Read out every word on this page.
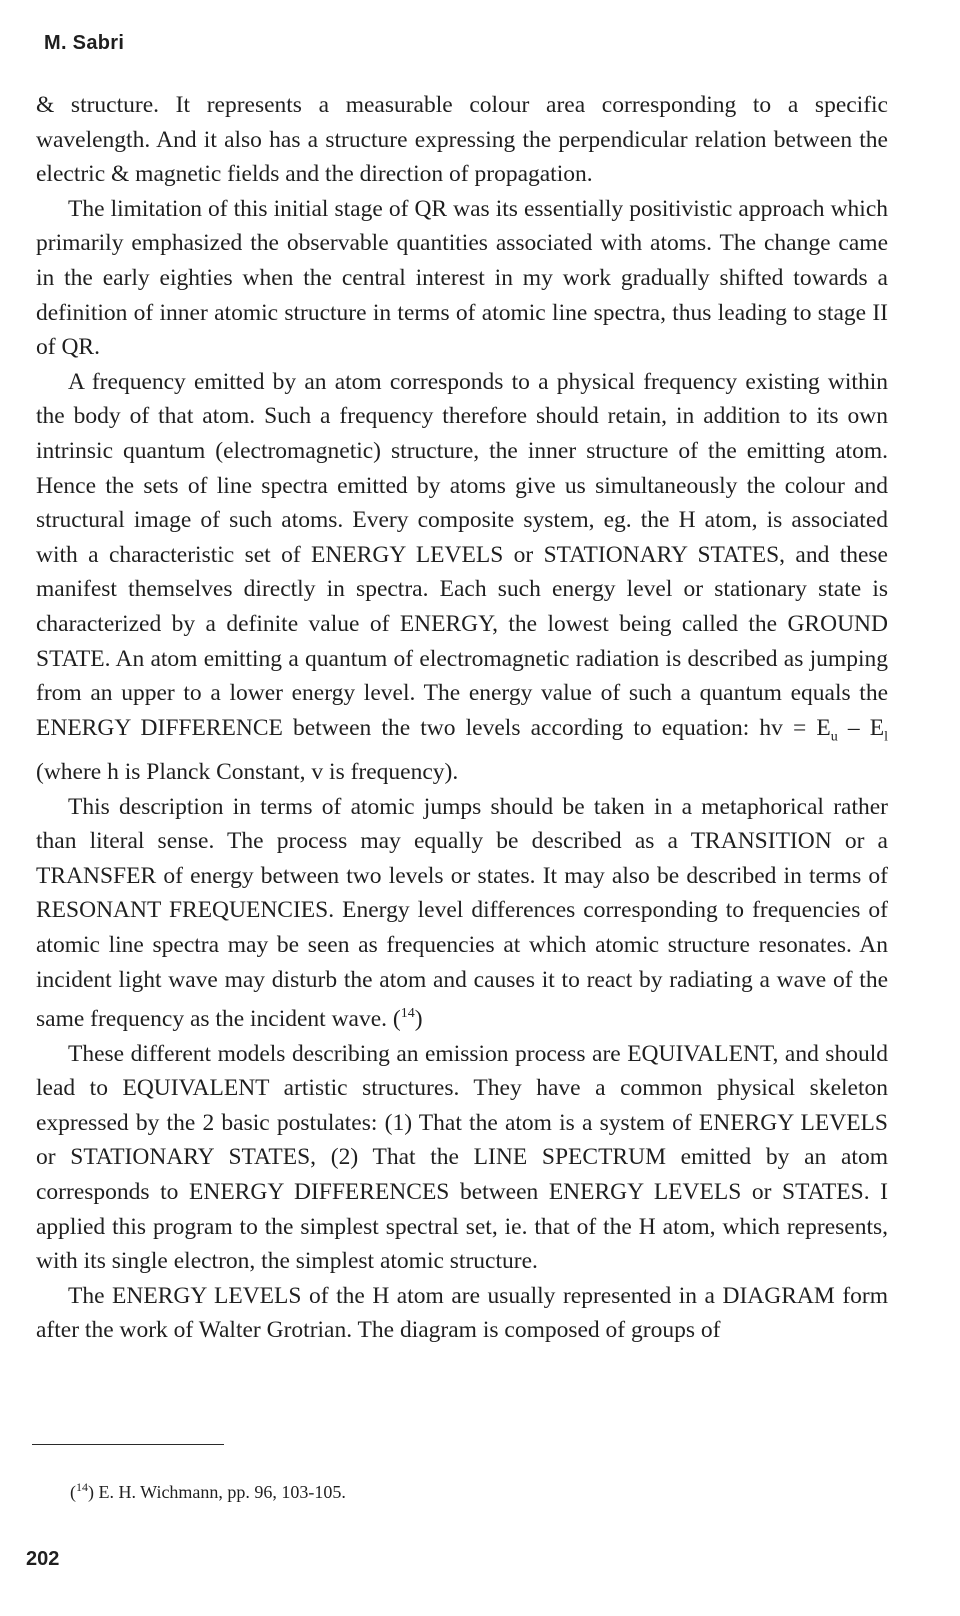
M. Sabri

& structure. It represents a measurable colour area corresponding to a specific wavelength. And it also has a structure expressing the perpendicular relation between the electric & magnetic fields and the direction of propagation.

The limitation of this initial stage of QR was its essentially positivistic approach which primarily emphasized the observable quantities associated with atoms. The change came in the early eighties when the central interest in my work gradually shifted towards a definition of inner atomic structure in terms of atomic line spectra, thus leading to stage II of QR.

A frequency emitted by an atom corresponds to a physical frequency existing within the body of that atom. Such a frequency therefore should retain, in addition to its own intrinsic quantum (electromagnetic) structure, the inner structure of the emitting atom. Hence the sets of line spectra emitted by atoms give us simultaneously the colour and structural image of such atoms. Every composite system, eg. the H atom, is associated with a characteristic set of ENERGY LEVELS or STATIONARY STATES, and these manifest themselves directly in spectra. Each such energy level or stationary state is characterized by a definite value of ENERGY, the lowest being called the GROUND STATE. An atom emitting a quantum of electromagnetic radiation is described as jumping from an upper to a lower energy level. The energy value of such a quantum equals the ENERGY DIFFERENCE between the two levels according to equation: hv = $E_u - E_l$ (where h is Planck Constant, v is frequency).

This description in terms of atomic jumps should be taken in a metaphorical rather than literal sense. The process may equally be described as a TRANSITION or a TRANSFER of energy between two levels or states. It may also be described in terms of RESONANT FREQUENCIES. Energy level differences corresponding to frequencies of atomic line spectra may be seen as frequencies at which atomic structure resonates. An incident light wave may disturb the atom and causes it to react by radiating a wave of the same frequency as the incident wave. ($^{14}$)

These different models describing an emission process are EQUIVALENT, and should lead to EQUIVALENT artistic structures. They have a common physical skeleton expressed by the 2 basic postulates: (1) That the atom is a system of ENERGY LEVELS or STATIONARY STATES, (2) That the LINE SPECTRUM emitted by an atom corresponds to ENERGY DIFFERENCES between ENERGY LEVELS or STATES. I applied this program to the simplest spectral set, ie. that of the H atom, which represents, with its single electron, the simplest atomic structure.

The ENERGY LEVELS of the H atom are usually represented in a DIAGRAM form after the work of Walter Grotrian. The diagram is composed of groups of

($^{14}$) E. H. Wichmann, pp. 96, 103-105.
202
